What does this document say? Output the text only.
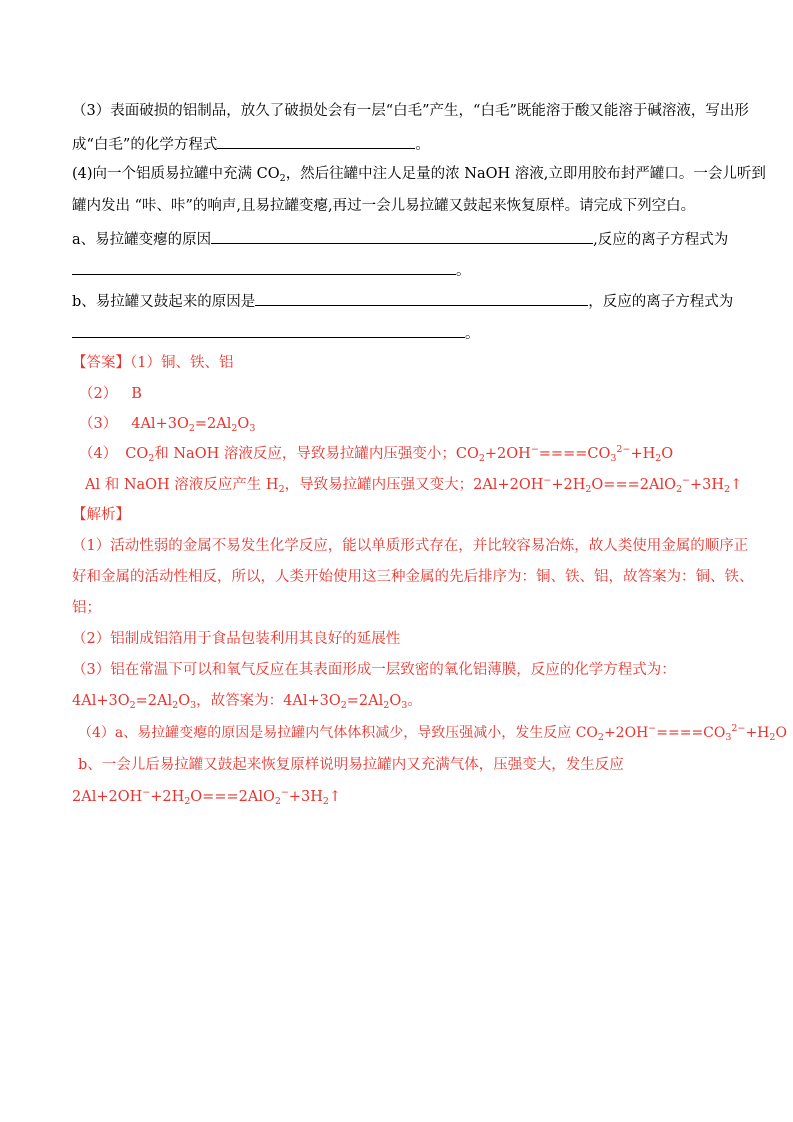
（3）表面破损的铝制品，放久了破损处会有一层“白毛”产生，“白毛”既能溶于酸又能溶于碱溶液，写出形
成“白毛”的化学方程式	。
(4)向一个铝质易拉罐中充满 $CO_2$，然后往罐中注人足量的浓 NaOH 溶液,立即用胶布封严罐口。一会儿听到
罐内发出 “咔、咔”的响声,且易拉罐变瘪,再过一会儿易拉罐又鼓起来恢复原样。请完成下列空白。
a、易拉罐变瘪的原因	,反应的离子方程式为
。
b、易拉罐又鼓起来的原因是	，反应的离子方程式为
。
【答案】（1）铜、铁、铝
（2） B
（3） $4Al+3O_2=2Al_2O_3$
（4） $CO_2$和 NaOH 溶液反应，导致易拉罐内压强变小；$CO_2+2OH^-====CO_3^{2-}+H_2O$
Al 和 NaOH 溶液反应产生 $H_2$，导致易拉罐内压强又变大；$2Al+2OH^-+2H_2O===2AlO_2^-+3H_2↑$
【解析】
（1）活动性弱的金属不易发生化学反应，能以单质形式存在，并比较容易冶炼，故人类使用金属的顺序正
好和金属的活动性相反，所以，人类开始使用这三种金属的先后排序为：铜、铁、铝，故答案为：铜、铁、
铝；
（2）铝制成铝箔用于食品包装利用其良好的延展性
（3）铝在常温下可以和氧气反应在其表面形成一层致密的氧化铝薄膜，反应的化学方程式为：
$4Al+3O_2=2Al_2O_3$，故答案为：$4Al+3O_2=2Al_2O_3$。
（4）a、易拉罐变瘪的原因是易拉罐内气体体积减少，导致压强减小，发生反应 $CO_2+2OH^-====CO_3^{2-}+H_2O$
b、一会儿后易拉罐又鼓起来恢复原样说明易拉罐内又充满气体，压强变大，发生反应
$2Al+2OH^-+2H_2O===2AlO_2^-+3H_2↑$
